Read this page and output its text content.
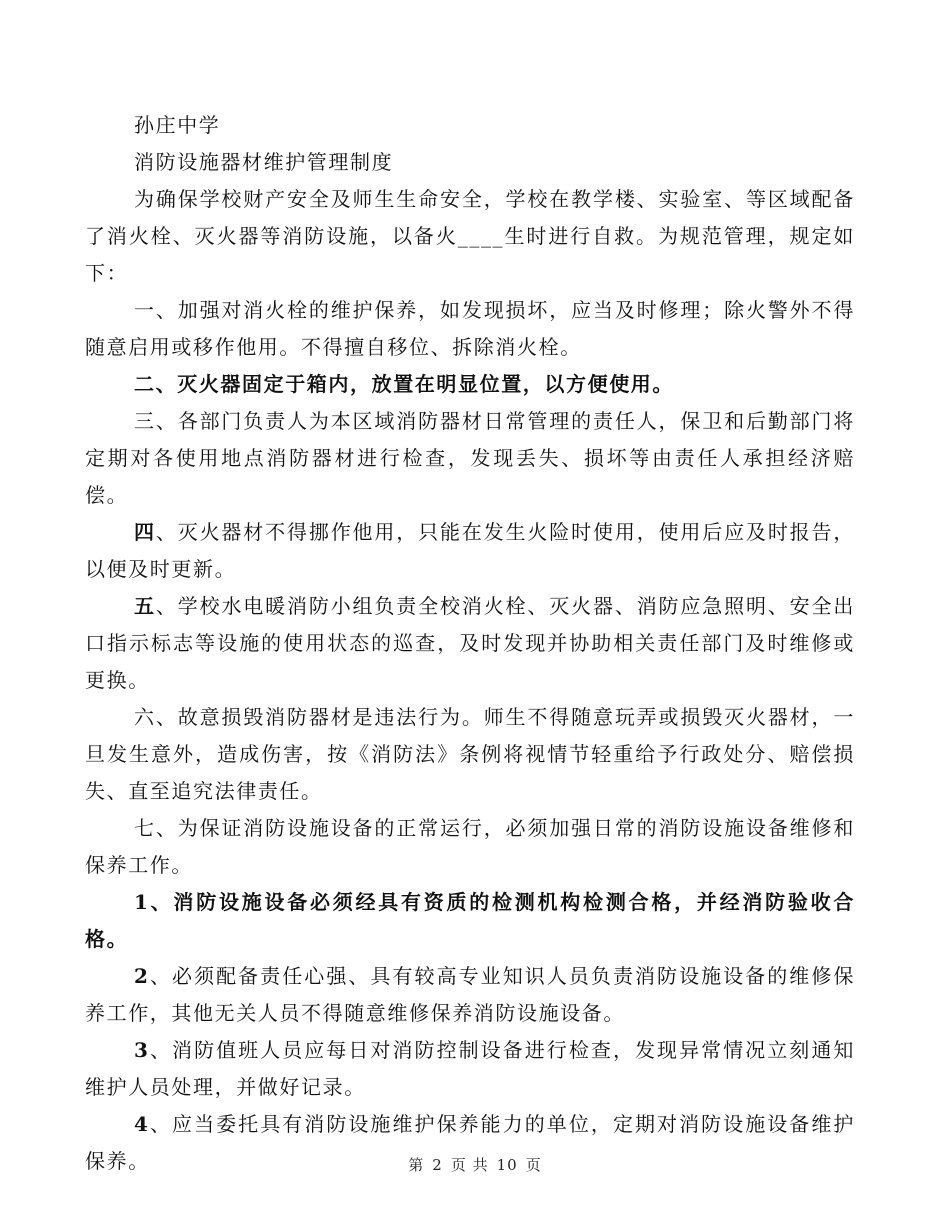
孙庄中学

消防设施器材维护管理制度

为确保学校财产安全及师生生命安全，学校在教学楼、实验室、等区域配备了消火栓、灭火器等消防设施，以备火____生时进行自救。为规范管理，规定如下：

一、加强对消火栓的维护保养，如发现损坏，应当及时修理；除火警外不得随意启用或移作他用。不得擅自移位、拆除消火栓。

二、灭火器固定于箱内，放置在明显位置，以方便使用。

三、各部门负责人为本区域消防器材日常管理的责任人，保卫和后勤部门将定期对各使用地点消防器材进行检查，发现丢失、损坏等由责任人承担经济赔偿。

四、灭火器材不得挪作他用，只能在发生火险时使用，使用后应及时报告，以便及时更新。

五、学校水电暖消防小组负责全校消火栓、灭火器、消防应急照明、安全出口指示标志等设施的使用状态的巡查，及时发现并协助相关责任部门及时维修或更换。

六、故意损毁消防器材是违法行为。师生不得随意玩弄或损毁灭火器材，一旦发生意外，造成伤害，按《消防法》条例将视情节轻重给予行政处分、赔偿损失、直至追究法律责任。

七、为保证消防设施设备的正常运行，必须加强日常的消防设施设备维修和保养工作。

1、消防设施设备必须经具有资质的检测机构检测合格，并经消防验收合格。

2、必须配备责任心强、具有较高专业知识人员负责消防设施设备的维修保养工作，其他无关人员不得随意维修保养消防设施设备。

3、消防值班人员应每日对消防控制设备进行检查，发现异常情况立刻通知维护人员处理，并做好记录。

4、应当委托具有消防设施维护保养能力的单位，定期对消防设施设备维护保养。	第 2 页 共 10 页
